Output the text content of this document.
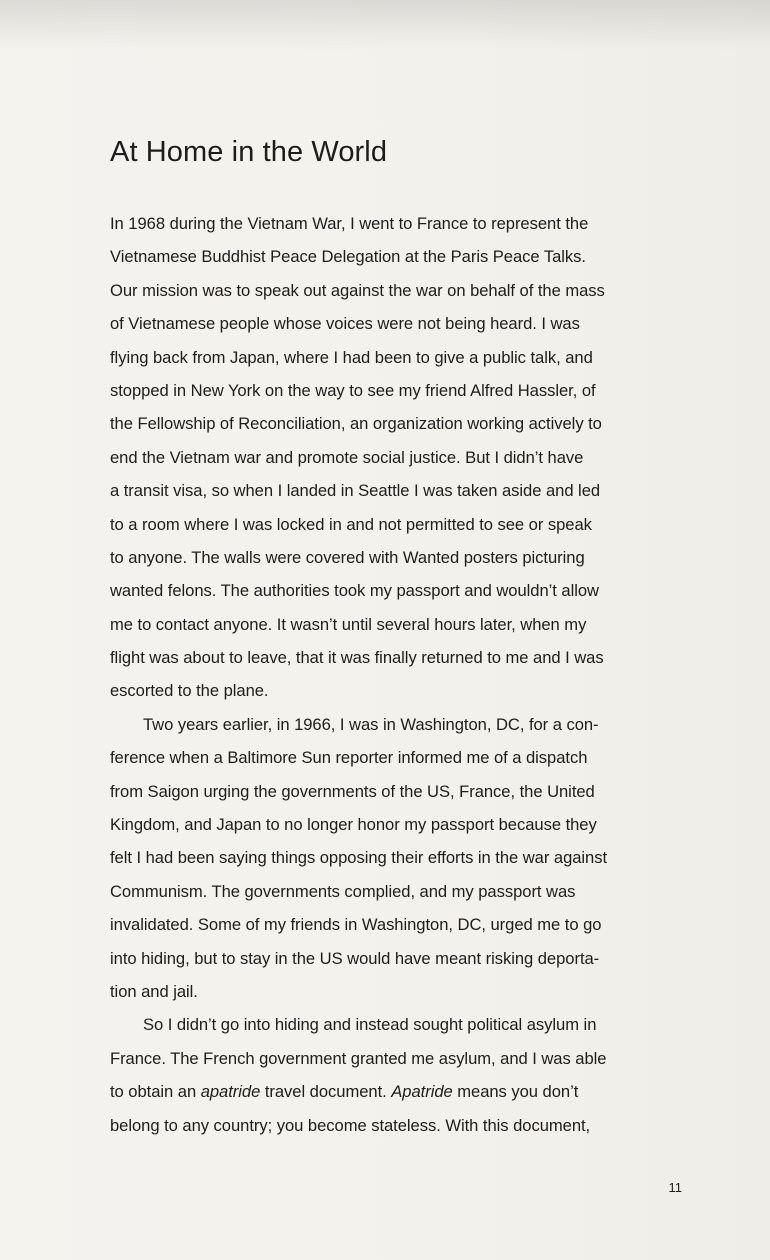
At Home in the World
In 1968 during the Vietnam War, I went to France to represent the
Vietnamese Buddhist Peace Delegation at the Paris Peace Talks.
Our mission was to speak out against the war on behalf of the mass
of Vietnamese people whose voices were not being heard. I was
flying back from Japan, where I had been to give a public talk, and
stopped in New York on the way to see my friend Alfred Hassler, of
the Fellowship of Reconciliation, an organization working actively to
end the Vietnam war and promote social justice. But I didn’t have
a transit visa, so when I landed in Seattle I was taken aside and led
to a room where I was locked in and not permitted to see or speak
to anyone. The walls were covered with Wanted posters picturing
wanted felons. The authorities took my passport and wouldn’t allow
me to contact anyone. It wasn’t until several hours later, when my
flight was about to leave, that it was finally returned to me and I was
escorted to the plane.
Two years earlier, in 1966, I was in Washington, DC, for a con-
ference when a Baltimore Sun reporter informed me of a dispatch
from Saigon urging the governments of the US, France, the United
Kingdom, and Japan to no longer honor my passport because they
felt I had been saying things opposing their efforts in the war against
Communism. The governments complied, and my passport was
invalidated. Some of my friends in Washington, DC, urged me to go
into hiding, but to stay in the US would have meant risking deporta-
tion and jail.
So I didn’t go into hiding and instead sought political asylum in
France. The French government granted me asylum, and I was able
to obtain an apatride travel document. Apatride means you don’t
belong to any country; you become stateless. With this document,
11
